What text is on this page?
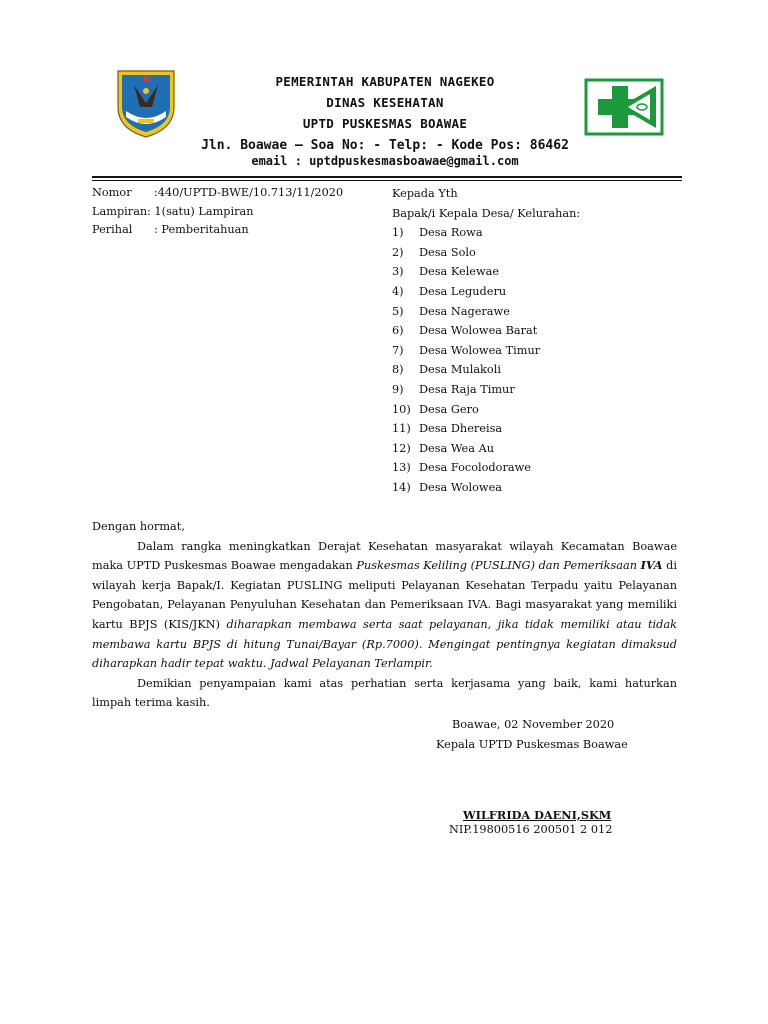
PEMERINTAH KABUPATEN NAGEKEO
DINAS KESEHATAN
UPTD PUSKESMAS BOAWAE
Jln. Boawae – Soa No: - Telp: - Kode Pos: 86462
email : uptdpuskesmasboawae@gmail.com
Nomor :440/UPTD-BWE/10.713/11/2020
Lampiran: 1(satu) Lampiran
Perihal : Pemberitahuan
Kepada Yth
Bapak/i Kepala Desa/ Kelurahan:
1) Desa Rowa
2) Desa Solo
3) Desa Kelewae
4) Desa Leguderu
5) Desa Nagerawe
6) Desa Wolowea Barat
7) Desa Wolowea Timur
8) Desa Mulakoli
9) Desa Raja Timur
10) Desa Gero
11) Desa Dhereisa
12) Desa Wea Au
13) Desa Focolodorawe
14) Desa Wolowea

Dengan hormat,

Dalam rangka meningkatkan Derajat Kesehatan masyarakat wilayah Kecamatan Boawae maka UPTD Puskesmas Boawae mengadakan Puskesmas Keliling (PUSLING) dan Pemeriksaan IVA di wilayah kerja Bapak/I. Kegiatan PUSLING meliputi Pelayanan Kesehatan Terpadu yaitu Pelayanan Pengobatan, Pelayanan Penyuluhan Kesehatan dan Pemeriksaan IVA. Bagi masyarakat yang memiliki kartu BPJS (KIS/JKN) diharapkan membawa serta saat pelayanan, jika tidak memiliki atau tidak membawa kartu BPJS di hitung Tunai/Bayar (Rp.7000). Mengingat pentingnya kegiatan dimaksud diharapkan hadir tepat waktu. Jadwal Pelayanan Terlampir.

Demikian penyampaian kami atas perhatian serta kerjasama yang baik, kami haturkan limpah terima kasih.

Boawae, 02 November 2020
Kepala UPTD Puskesmas Boawae
WILFRIDA DAENI,SKM
NIP.19800516 200501 2 012
